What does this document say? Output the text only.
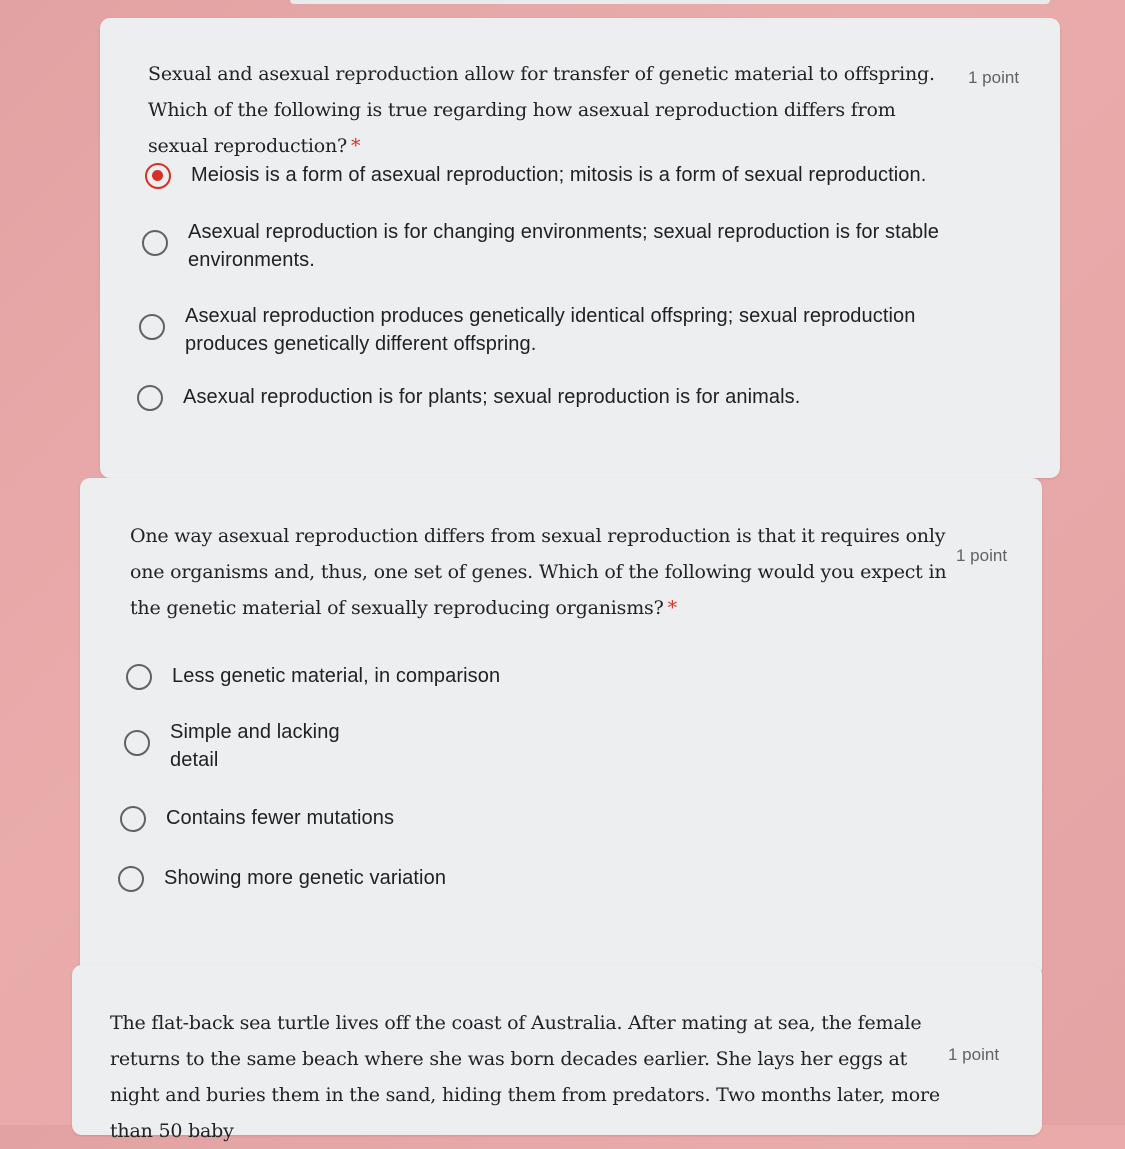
Sexual and asexual reproduction allow for transfer of genetic material to offspring. Which of the following is true regarding how asexual reproduction differs from sexual reproduction? *
1 point
Meiosis is a form of asexual reproduction; mitosis is a form of sexual reproduction.
Asexual reproduction is for changing environments; sexual reproduction is for stable environments.
Asexual reproduction produces genetically identical offspring; sexual reproduction produces genetically different offspring.
Asexual reproduction is for plants; sexual reproduction is for animals.
One way asexual reproduction differs from sexual reproduction is that it requires only one organisms and, thus, one set of genes. Which of the following would you expect in the genetic material of sexually reproducing organisms? *
1 point
Less genetic material, in comparison
Simple and lacking detail
Contains fewer mutations
Showing more genetic variation
The flat-back sea turtle lives off the coast of Australia. After mating at sea, the female returns to the same beach where she was born decades earlier. She lays her eggs at night and buries them in the sand, hiding them from predators. Two months later, more than 50 baby
1 point
